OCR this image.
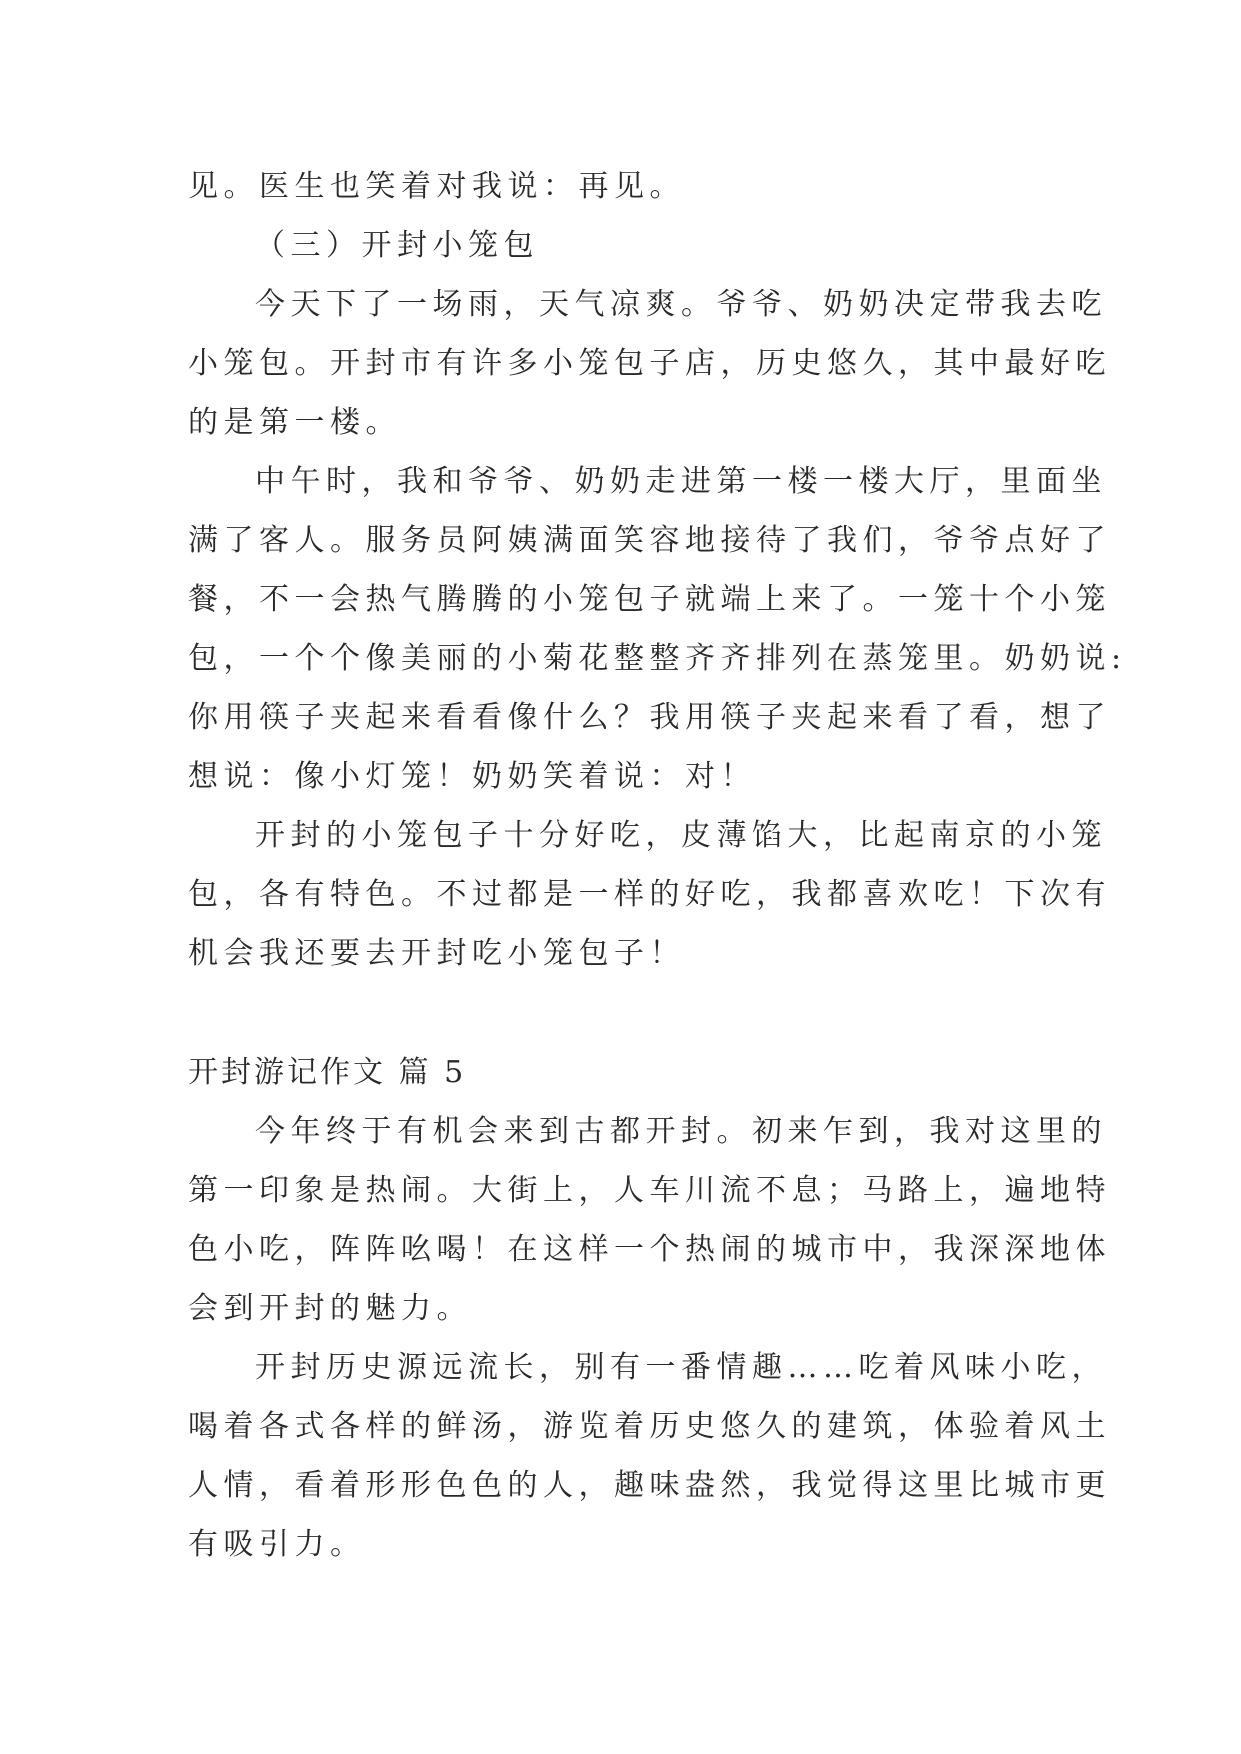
见。医生也笑着对我说：再见。

（三）开封小笼包

今天下了一场雨，天气凉爽。爷爷、奶奶决定带我去吃

小笼包。开封市有许多小笼包子店，历史悠久，其中最好吃

的是第一楼。

中午时，我和爷爷、奶奶走进第一楼一楼大厅，里面坐

满了客人。服务员阿姨满面笑容地接待了我们，爷爷点好了

餐，不一会热气腾腾的小笼包子就端上来了。一笼十个小笼

包，一个个像美丽的小菊花整整齐齐排列在蒸笼里。奶奶说:

你用筷子夹起来看看像什么？我用筷子夹起来看了看，想了

想说：像小灯笼！奶奶笑着说：对！

开封的小笼包子十分好吃，皮薄馅大，比起南京的小笼

包，各有特色。不过都是一样的好吃，我都喜欢吃！下次有

机会我还要去开封吃小笼包子！

开封游记作文 篇 5

今年终于有机会来到古都开封。初来乍到，我对这里的

第一印象是热闹。大街上，人车川流不息；马路上，遍地特

色小吃，阵阵吆喝！在这样一个热闹的城市中，我深深地体

会到开封的魅力。

开封历史源远流长，别有一番情趣……吃着风味小吃，

喝着各式各样的鲜汤，游览着历史悠久的建筑，体验着风土

人情，看着形形色色的人，趣味盎然，我觉得这里比城市更

有吸引力。
